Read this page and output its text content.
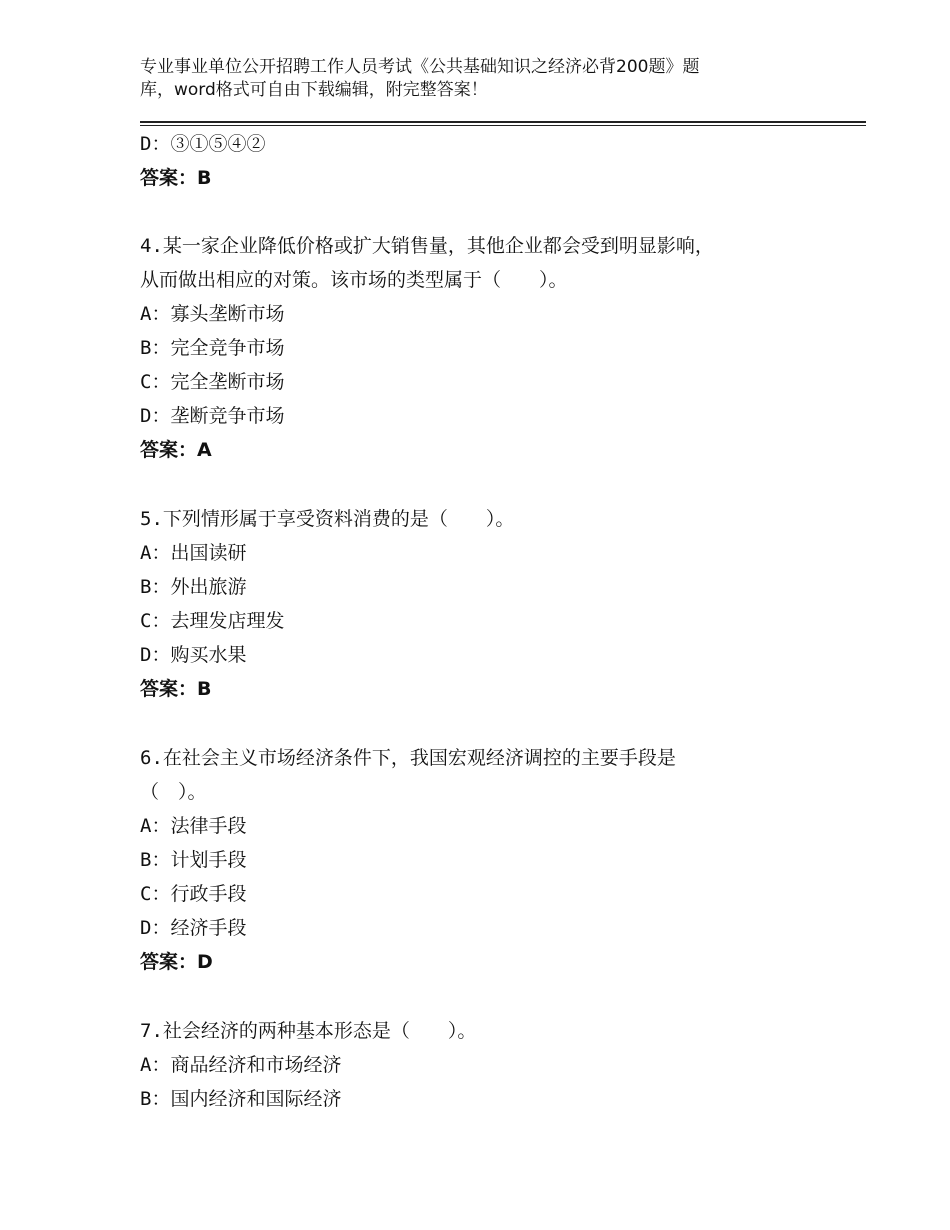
专业事业单位公开招聘工作人员考试《公共基础知识之经济必背200题》题
库，word格式可自由下载编辑，附完整答案！
D：③①⑤④②
答案：B
4.某一家企业降低价格或扩大销售量，其他企业都会受到明显影响，
从而做出相应的对策。该市场的类型属于（　　）。
A：寡头垄断市场
B：完全竞争市场
C：完全垄断市场
D：垄断竞争市场
答案：A
5.下列情形属于享受资料消费的是（　　）。
A：出国读研
B：外出旅游
C：去理发店理发
D：购买水果
答案：B
6.在社会主义市场经济条件下，我国宏观经济调控的主要手段是
（　）。
A：法律手段
B：计划手段
C：行政手段
D：经济手段
答案：D
7.社会经济的两种基本形态是（　　）。
A：商品经济和市场经济
B：国内经济和国际经济
